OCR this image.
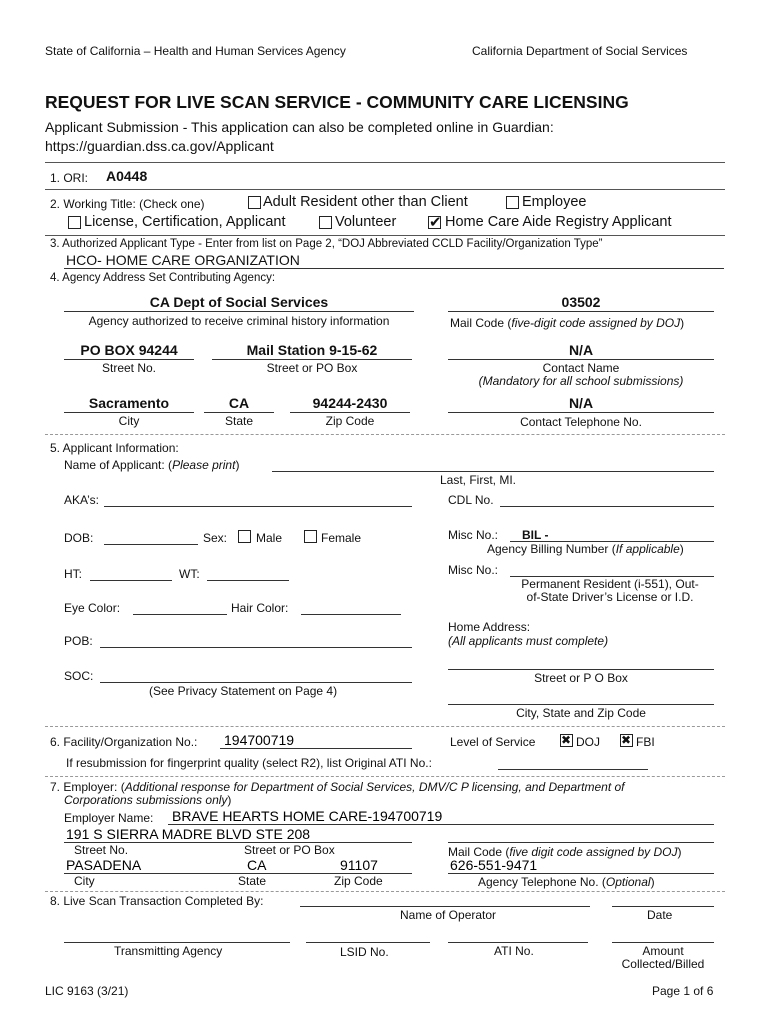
State of California – Health and Human Services Agency	California Department of Social Services
REQUEST FOR LIVE SCAN SERVICE - COMMUNITY CARE LICENSING
Applicant Submission - This application can also be completed online in Guardian:
https://guardian.dss.ca.gov/Applicant
1. ORI: A0448
2. Working Title: (Check one)	Adult Resident other than Client	Employee
License, Certification, Applicant	Volunteer ✔	Home Care Aide Registry Applicant
3. Authorized Applicant Type - Enter from list on Page 2, “DOJ Abbreviated CCLD Facility/Organization Type”
HCO- HOME CARE ORGANIZATION
4. Agency Address Set Contributing Agency:
CA Dept of Social Services
Agency authorized to receive criminal history information
03502
Mail Code (five-digit code assigned by DOJ)
PO BOX 94244
Street No.
Mail Station 9-15-62
Street or PO Box
N/A
Contact Name
(Mandatory for all school submissions)
Sacramento
City
CA
State
94244-2430
Zip Code
N/A
Contact Telephone No.
5. Applicant Information:
Name of Applicant: (Please print)
Last, First, MI.
AKA’s:	CDL No.
DOB:	Sex: Male	Female	Misc No.: BIL -
Agency Billing Number (If applicable)
HT:	WT:	Misc No.:
Permanent Resident (i-551), Out-
of-State Driver’s License or I.D.
Eye Color:	Hair Color:
Home Address:
(All applicants must complete)
POB:
Street or P O Box
SOC:
(See Privacy Statement on Page 4)
City, State and Zip Code
6. Facility/Organization No.: 194700719	Level of Service ✖	DOJ ✖	FBI
If resubmission for fingerprint quality (select R2), list Original ATI No.:
7. Employer: (Additional response for Department of Social Services, DMV/C P licensing, and Department of
Corporations submissions only)
Employer Name: BRAVE HEARTS HOME CARE-194700719
191 S SIERRA MADRE BLVD STE 208
Street No.	Street or PO Box	Mail Code (five digit code assigned by DOJ)
PASADENA	CA	91107	626-551-9471
City	State	Zip Code	Agency Telephone No. (Optional)
8. Live Scan Transaction Completed By:
Name of Operator	Date
Transmitting Agency	LSID No.	ATI No.	Amount
Collected/Billed
LIC 9163 (3/21)	Page 1 of 6
